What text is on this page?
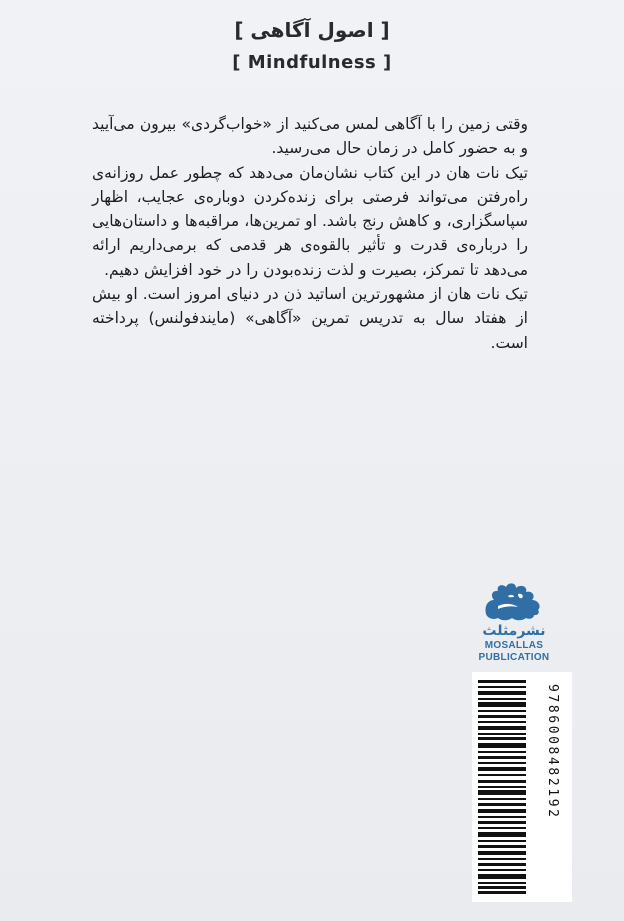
[ اصول آگاهی ]
[ Mindfulness ]

وقتی زمین را با آگاهی لمس می‌کنید از «خواب‌گردی» بیرون می‌آیید و به حضور کامل در زمان حال می‌رسید.

تیک نات هان در این کتاب نشان‌مان می‌دهد که چطور عمل روزانه‌ی راه‌رفتن می‌تواند فرصتی برای زنده‌کردن دوباره‌ی عجایب، اظهار سپاسگزاری، و کاهش رنج باشد. او تمرین‌ها، مراقبه‌ها و داستان‌هایی را درباره‌ی قدرت و تأثیر بالقوه‌ی هر قدمی که برمی‌داریم ارائه می‌دهد تا تمرکز، بصیرت و لذت زنده‌بودن را در خود افزایش دهیم.

تیک نات هان از مشهورترین اساتید ذن در دنیای امروز است. او بیش از هفتاد سال به تدریس تمرین «آگاهی» (مایندفولنس) پرداخته است.

نشرمثلث
MOSALLAS
PUBLICATION
9786008482192
